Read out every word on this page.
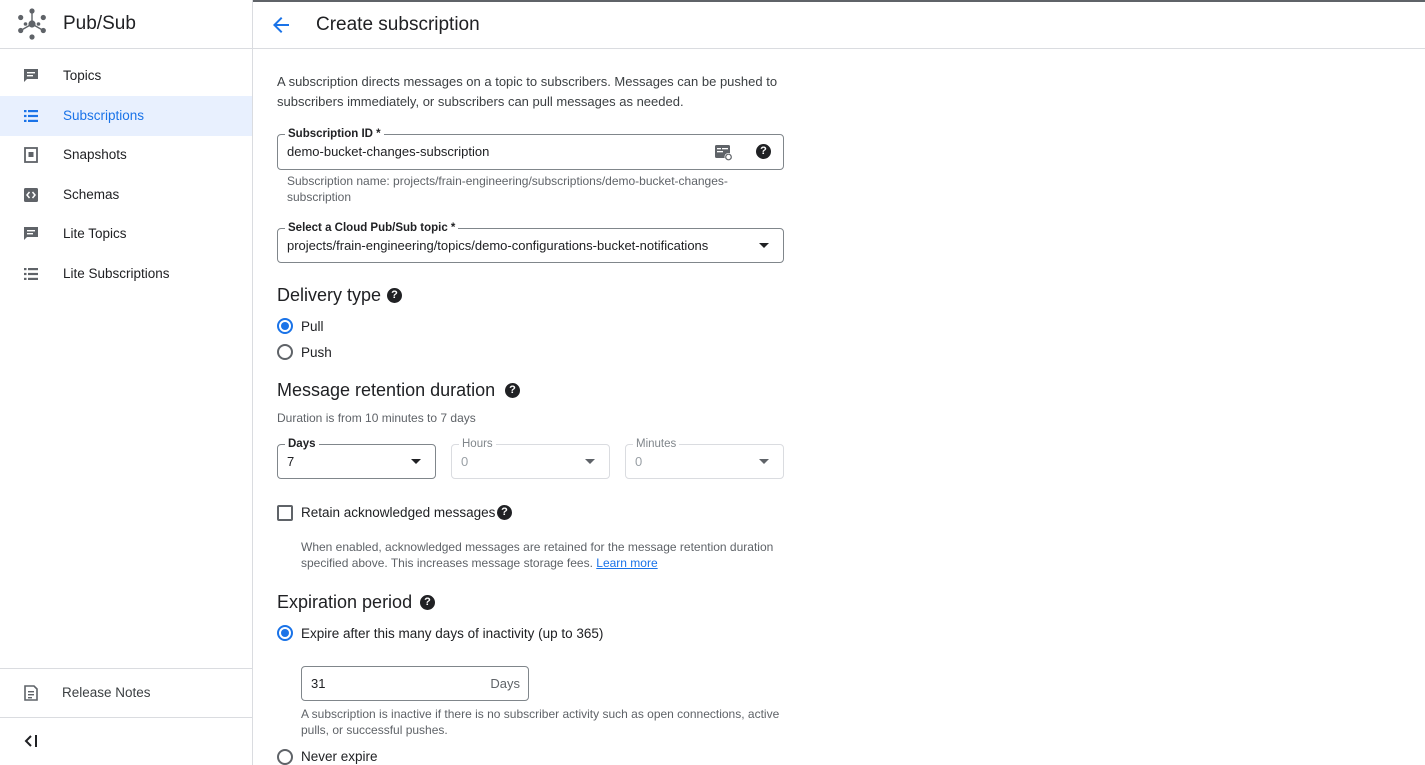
Pub/Sub
Topics
Subscriptions
Snapshots
Schemas
Lite Topics
Lite Subscriptions
Release Notes
Create subscription
A subscription directs messages on a topic to subscribers. Messages can be pushed to subscribers immediately, or subscribers can pull messages as needed.
Subscription ID *
demo-bucket-changes-subscription	?
Subscription name: projects/frain-engineering/subscriptions/demo-bucket-changes-subscription
Select a Cloud Pub/Sub topic *
projects/frain-engineering/topics/demo-configurations-bucket-notifications
Delivery type ?
Pull
Push
Message retention duration	?
Duration is from 10 minutes to 7 days
Days
7
Hours
0
Minutes
0
Retain acknowledged messages ?
When enabled, acknowledged messages are retained for the message retention duration specified above. This increases message storage fees. Learn more
Expiration period	?
Expire after this many days of inactivity (up to 365)
31	Days
A subscription is inactive if there is no subscriber activity such as open connections, active pulls, or successful pushes.
Never expire
